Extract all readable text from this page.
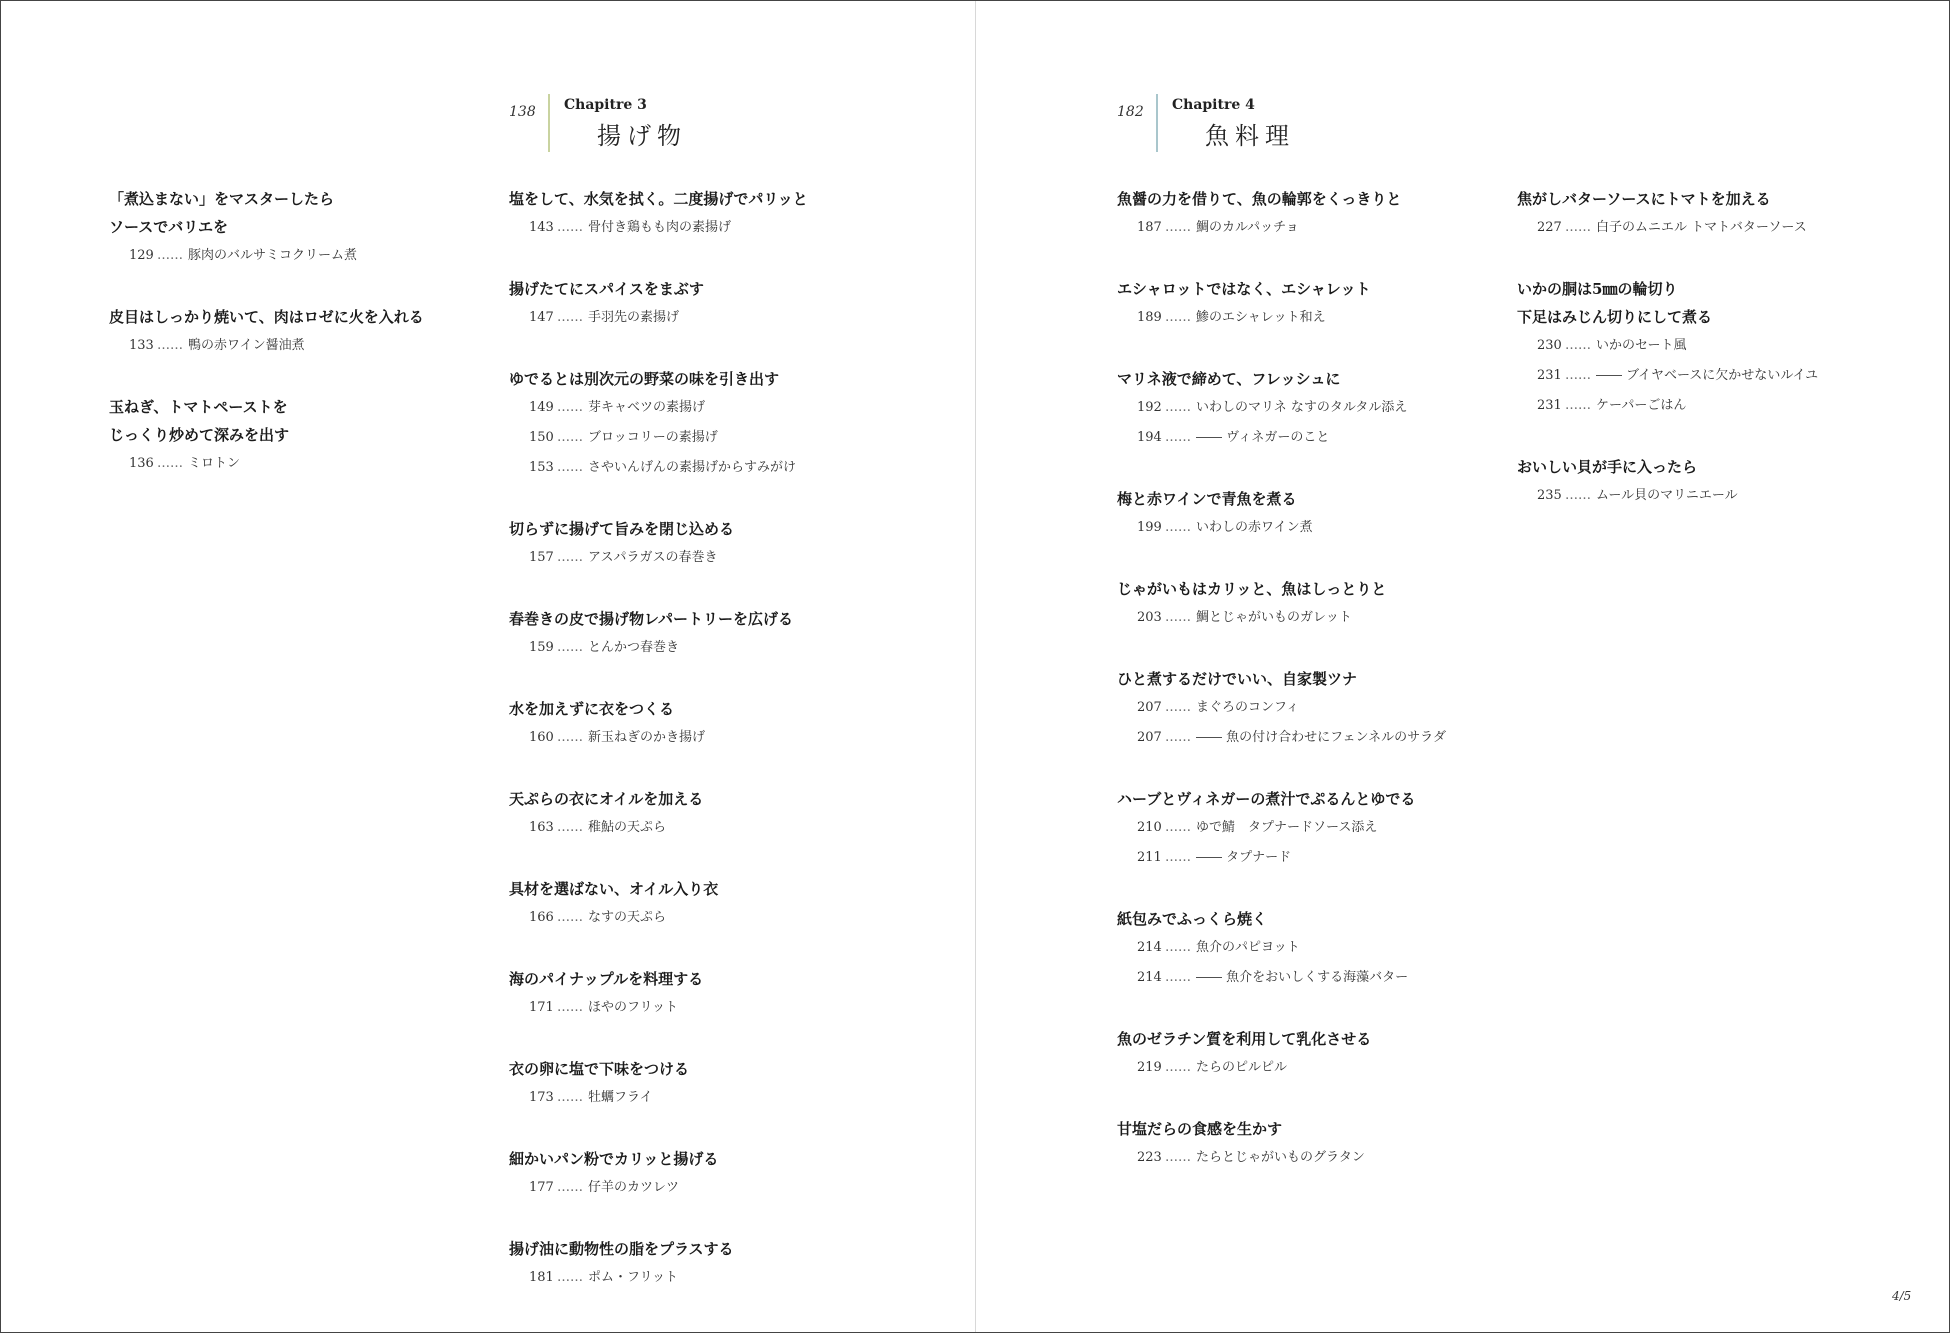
138 Chapitre 3
揚げ物
182 Chapitre 4
魚料理
「煮込まない」をマスターしたら
ソースでバリエを
129 …… 豚肉のバルサミコクリーム煮
皮目はしっかり焼いて、肉はロゼに火を入れる
133 …… 鴨の赤ワイン醤油煮
玉ねぎ、トマトペーストを
じっくり炒めて深みを出す
136 …… ミロトン
塩をして、水気を拭く。二度揚げでパリッと
143 …… 骨付き鶏もも肉の素揚げ
揚げたてにスパイスをまぶす
147 …… 手羽先の素揚げ
ゆでるとは別次元の野菜の味を引き出す
149 …… 芽キャベツの素揚げ
150 …… ブロッコリーの素揚げ
153 …… さやいんげんの素揚げからすみがけ
切らずに揚げて旨みを閉じ込める
157 …… アスパラガスの春巻き
春巻きの皮で揚げ物レパートリーを広げる
159 …… とんかつ春巻き
水を加えずに衣をつくる
160 …… 新玉ねぎのかき揚げ
天ぷらの衣にオイルを加える
163 …… 稚鮎の天ぷら
具材を選ばない、オイル入り衣
166 …… なすの天ぷら
海のパイナップルを料理する
171 …… ほやのフリット
衣の卵に塩で下味をつける
173 …… 牡蠣フライ
細かいパン粉でカリッと揚げる
177 …… 仔羊のカツレツ
揚げ油に動物性の脂をプラスする
181 …… ポム・フリット
魚醤の力を借りて、魚の輪郭をくっきりと
187 …… 鯛のカルパッチョ
エシャロットではなく、エシャレット
189 …… 鯵のエシャレット和え
マリネ液で締めて、フレッシュに
192 …… いわしのマリネ なすのタルタル添え
194 …… ―― ヴィネガーのこと
梅と赤ワインで青魚を煮る
199 …… いわしの赤ワイン煮
じゃがいもはカリッと、魚はしっとりと
203 …… 鯛とじゃがいものガレット
ひと煮するだけでいい、自家製ツナ
207 …… まぐろのコンフィ
207 …… ―― 魚の付け合わせにフェンネルのサラダ
ハーブとヴィネガーの煮汁でぷるんとゆでる
210 …… ゆで鯖　タプナードソース添え
211 …… ―― タプナード
紙包みでふっくら焼く
214 …… 魚介のパピヨット
214 …… ―― 魚介をおいしくする海藻バター
魚のゼラチン質を利用して乳化させる
219 …… たらのピルピル
甘塩だらの食感を生かす
223 …… たらとじゃがいものグラタン
焦がしバターソースにトマトを加える
227 …… 白子のムニエル トマトバターソース
いかの胴は5㎜の輪切り
下足はみじん切りにして煮る
230 …… いかのセート風
231 …… ―― ブイヤベースに欠かせないルイユ
231 …… ケーパーごはん
おいしい貝が手に入ったら
235 …… ムール貝のマリニエール
4/5
